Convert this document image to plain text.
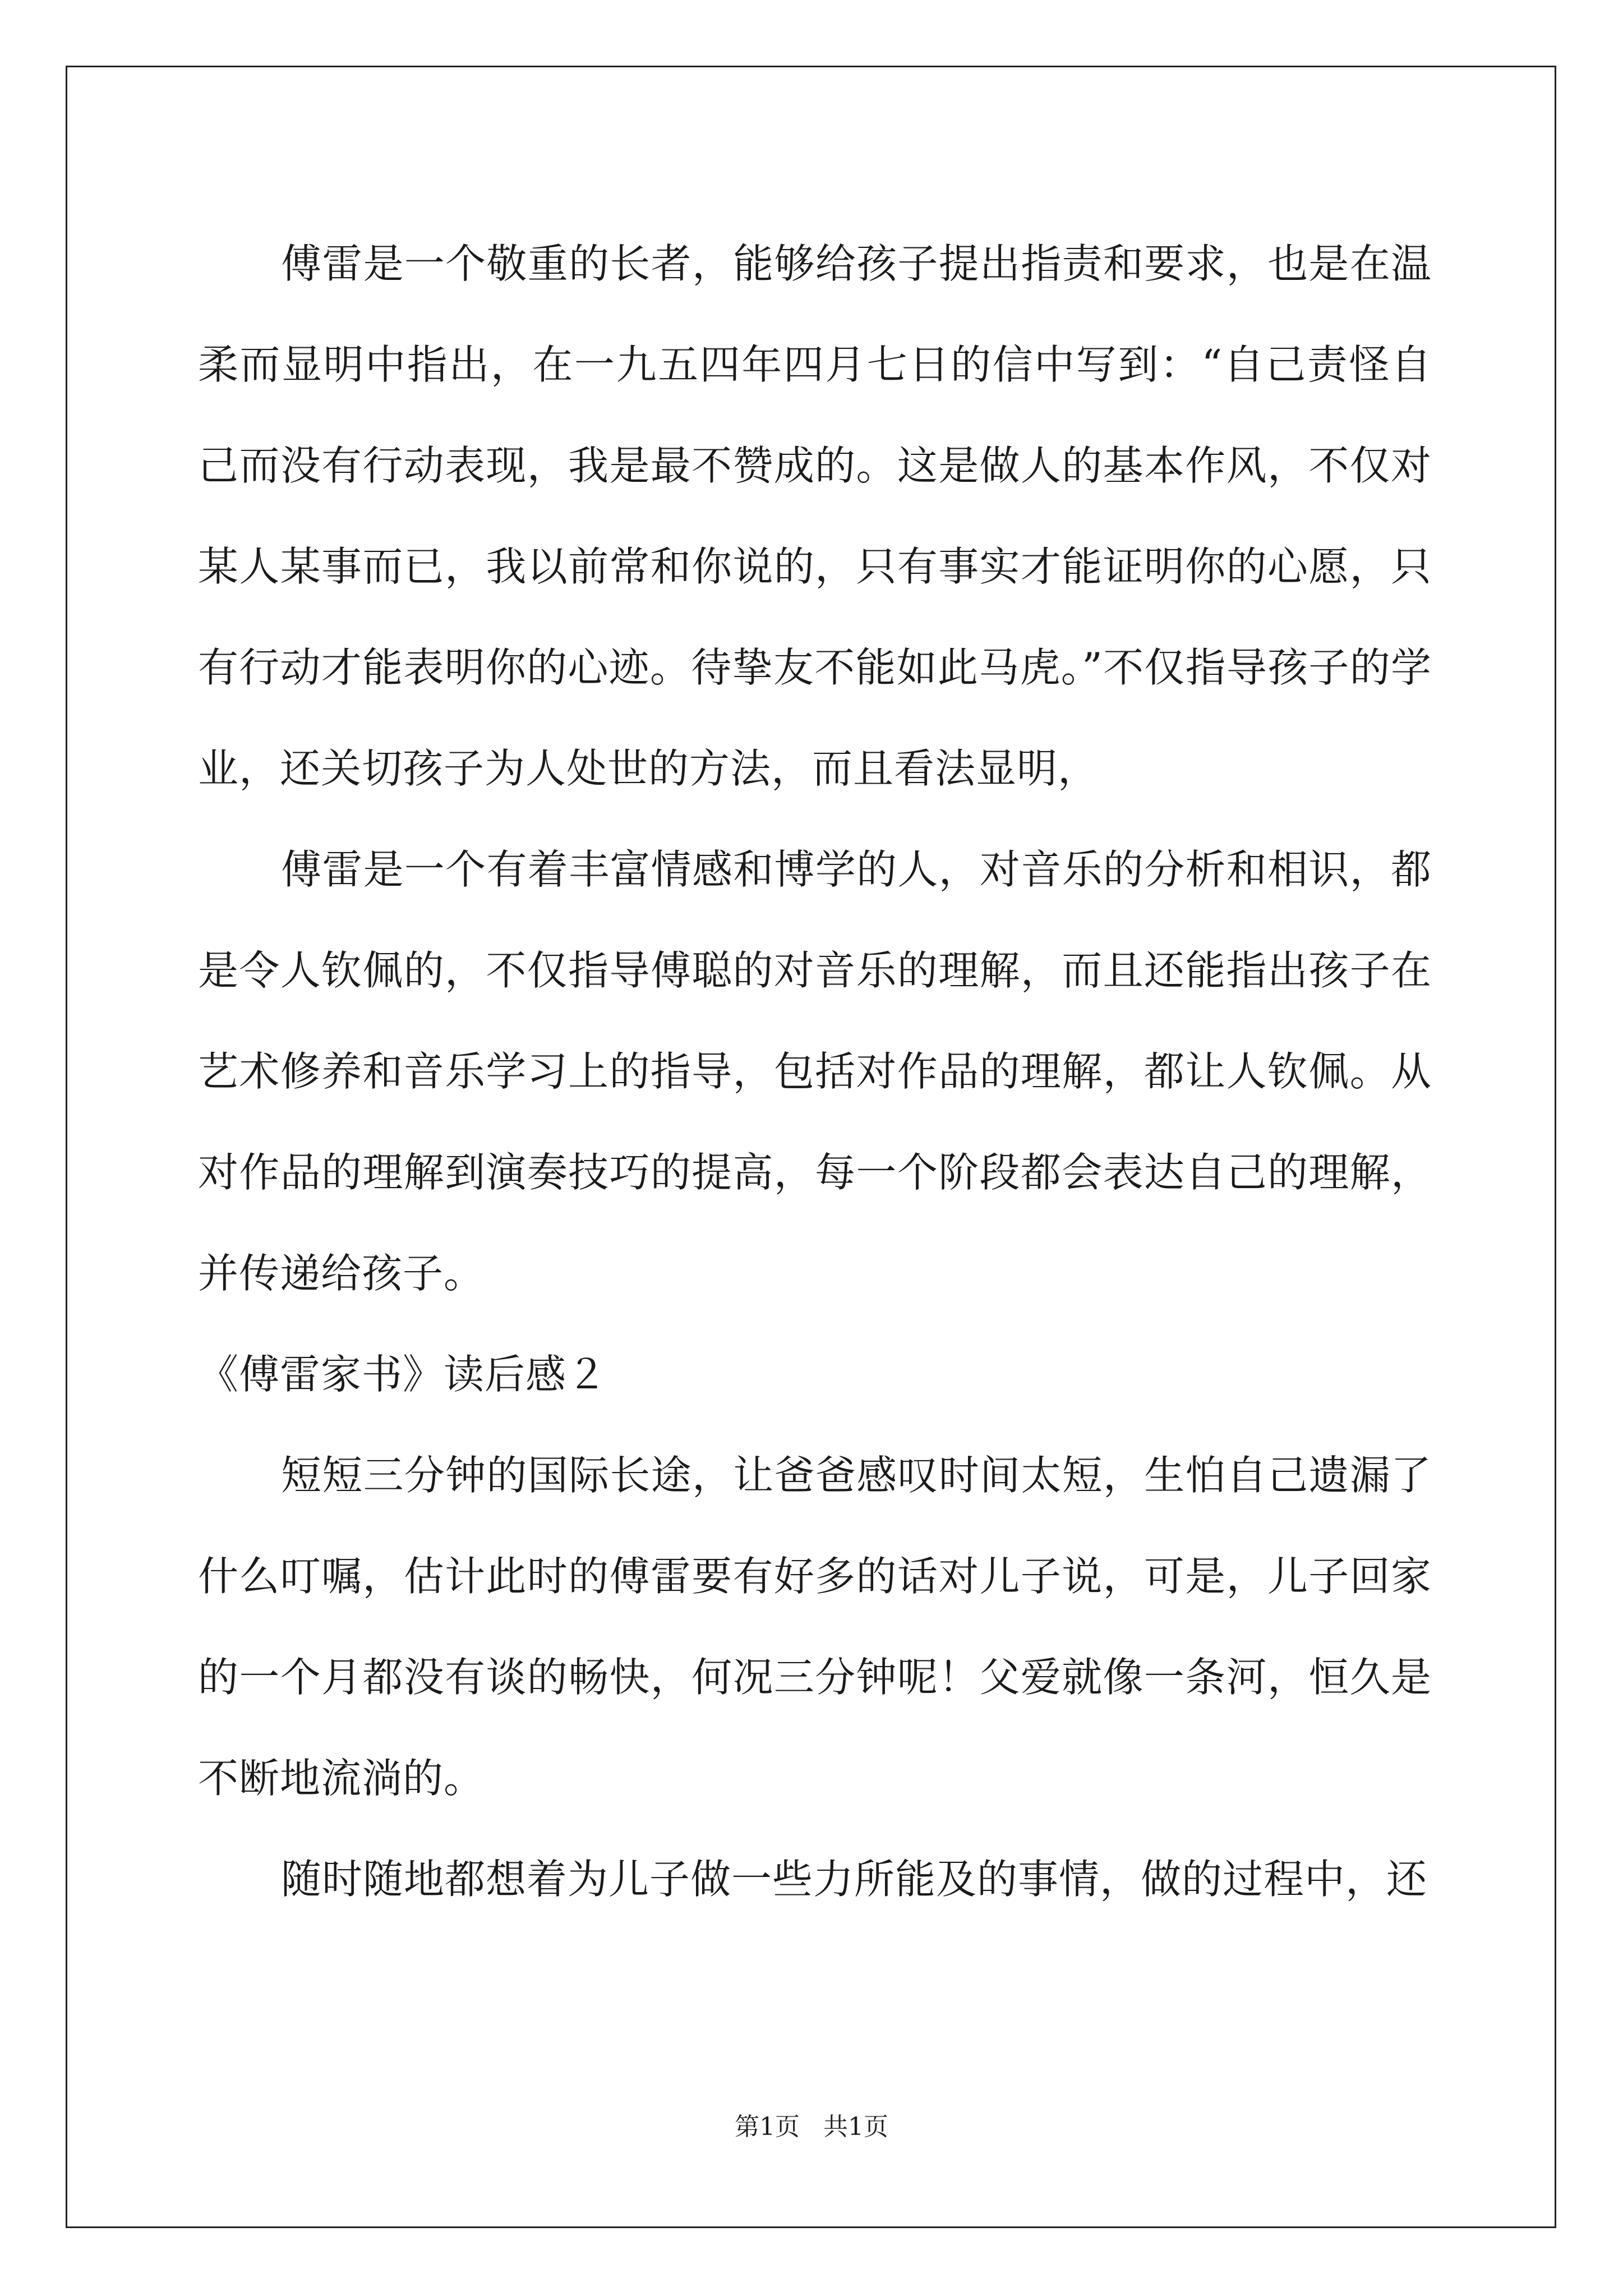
傅雷是一个敬重的长者，能够给孩子提出指责和要求，也是在温柔而显明中指出，在一九五四年四月七日的信中写到：“自己责怪自己而没有行动表现，我是最不赞成的。这是做人的基本作风，不仅对某人某事而已，我以前常和你说的，只有事实才能证明你的心愿，只有行动才能表明你的心迹。待挚友不能如此马虎。”不仅指导孩子的学业，还关切孩子为人处世的方法，而且看法显明，

傅雷是一个有着丰富情感和博学的人，对音乐的分析和相识，都是令人钦佩的，不仅指导傅聪的对音乐的理解，而且还能指出孩子在艺术修养和音乐学习上的指导，包括对作品的理解，都让人钦佩。从对作品的理解到演奏技巧的提高，每一个阶段都会表达自己的理解，并传递给孩子。

《傅雷家书》读后感２

短短三分钟的国际长途，让爸爸感叹时间太短，生怕自己遗漏了什么叮嘱，估计此时的傅雷要有好多的话对儿子说，可是，儿子回家的一个月都没有谈的畅快，何况三分钟呢！父爱就像一条河，恒久是不断地流淌的。

随时随地都想着为儿子做一些力所能及的事情，做的过程中，还

第1页 共1页
